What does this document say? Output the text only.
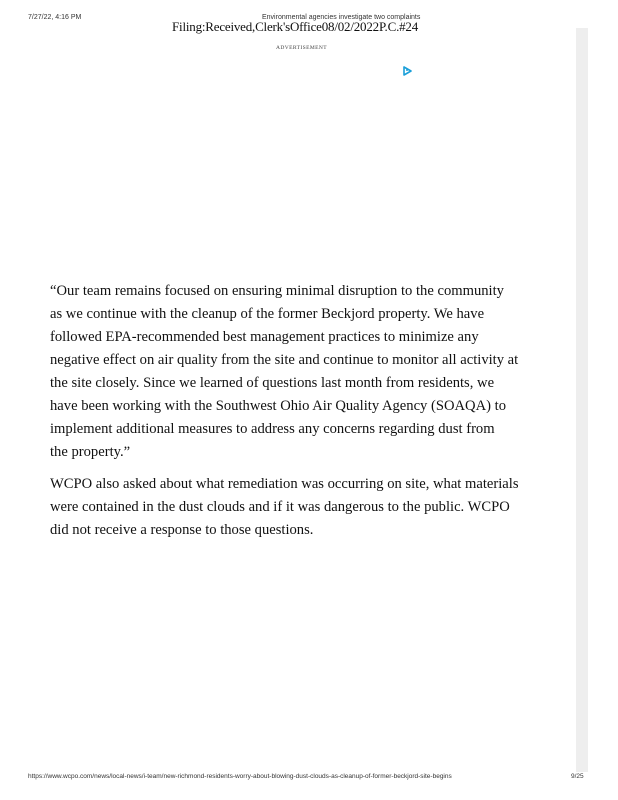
7/27/22, 4:16 PM	Environmental agencies investigate two complaints
Filing:Received,Clerk'sOffice08/02/2022P.C.#24
ADVERTISEMENT

“Our team remains focused on ensuring minimal disruption to the community
as we continue with the cleanup of the former Beckjord property. We have
followed EPA-recommended best management practices to minimize any
negative effect on air quality from the site and continue to monitor all activity at
the site closely. Since we learned of questions last month from residents, we
have been working with the Southwest Ohio Air Quality Agency (SOAQA) to
implement additional measures to address any concerns regarding dust from
the property.”

WCPO also asked about what remediation was occurring on site, what materials
were contained in the dust clouds and if it was dangerous to the public. WCPO
did not receive a response to those questions.

https://www.wcpo.com/news/local-news/i-team/new-richmond-residents-worry-about-blowing-dust-clouds-as-cleanup-of-former-beckjord-site-begins	9/25
